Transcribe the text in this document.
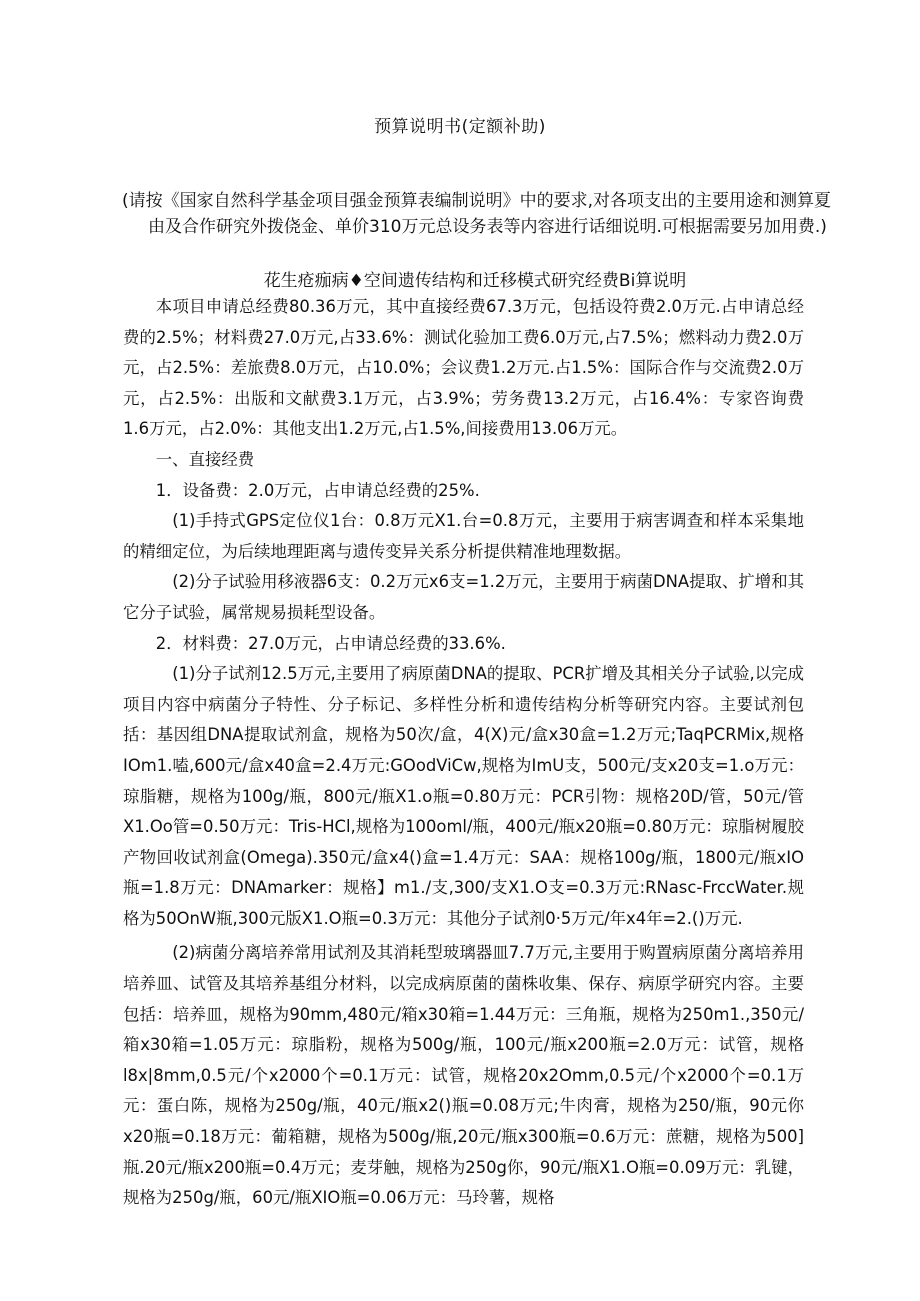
预算说明书(定额补助)
(请按《国家自然科学基金项目强金预算表编制说明》中的要求,对各项支出的主要用途和测算夏由及合作研究外拨侥金、单价310万元总设务表等内容进行话细说明.可根据需要另加用费.)
花生疮痂病♦空间遗传结构和迁移模式研究经费Bi算说明

本项目申请总经费80.36万元，其中直接经费67.3万元，包括设符费2.0万元.占申请总经费的2.5%；材料费27.0万元,占33.6%：测试化验加工费6.0万元,占7.5%；燃料动力费2.0万元，占2.5%：差旅费8.0万元，占10.0%；会议费1.2万元.占1.5%：国际合作与交流费2.0万元，占2.5%：出版和文献费3.1万元，占3.9%；劳务费13.2万元，占16.4%：专家咨询费1.6万元，占2.0%：其他支出1.2万元,占1.5%,间接费用13.06万元。

一、直接经费

1．设备费：2.0万元，占申请总经费的25%.

(1)手持式GPS定位仪1台：0.8万元X1.台=0.8万元，主要用于病害调查和样本采集地的精细定位，为后续地理距离与遗传变异关系分析提供精准地理数据。

(2)分子试验用移液器6支：0.2万元x6支=1.2万元，主要用于病菌DNA提取、扩增和其它分子试验，属常规易损耗型设备。

2．材料费：27.0万元，占申请总经费的33.6%.

(1)分子试剂12.5万元,主要用了病原菌DNA的提取、PCR扩增及其相关分子试验,以完成项目内容中病菌分子特性、分子标记、多样性分析和遗传结构分析等研究内容。主要试剂包括：基因组DNA提取试剂盒，规格为50次/盒，4(X)元/盒x30盒=1.2万元;TaqPCRMix,规格IOm1.嗑,600元/盒x40盒=2.4万元:GOodViCw,规格为ImU支，500元/支x20支=1.o万元：琼脂糖，规格为100g/瓶，800元/瓶X1.o瓶=0.80万元：PCR引物：规格20D/管，50元/管X1.Oo管=0.50万元：Tris-HCl,规格为100oml/瓶，400元/瓶x20瓶=0.80万元：琼脂树履胶产物回收试剂盒(Omega).350元/盒x4()盒=1.4万元：SAA：规格100g/瓶，1800元/瓶xIO瓶=1.8万元：DNAmarker：规格】m1./支,300/支X1.O支=0.3万元:RNasc-FrccWater.规格为50OnW瓶,300元版X1.O瓶=0.3万元：其他分子试剂0·5万元/年x4年=2.()万元.

(2)病菌分离培养常用试剂及其消耗型玻璃器皿7.7万元,主要用于购置病原菌分离培养用培养皿、试管及其培养基组分材料，以完成病原菌的菌株收集、保存、病原学研究内容。主要包括：培养皿，规格为90mm,480元/箱x30箱=1.44万元：三角瓶，规格为250m1.,350元/箱x30箱=1.05万元：琼脂粉，规格为500g/瓶，100元/瓶x200瓶=2.0万元：试管，规格l8x|8mm,0.5元/个x2000个=0.1万元：试管，规格20x2Omm,0.5元/个x2000个=0.1万元：蛋白陈，规格为250g/瓶，40元/瓶x2()瓶=0.08万元;牛肉膏，规格为250/瓶，90元你x20瓶=0.18万元：葡箱糖，规格为500g/瓶,20元/瓶x300瓶=0.6万元：蔗糖，规格为500]瓶.20元/瓶x200瓶=0.4万元；麦芽触，规格为250g你，90元/瓶X1.O瓶=0.09万元：乳键，规格为250g/瓶，60元/瓶XIO瓶=0.06万元：马玲薯，规格
